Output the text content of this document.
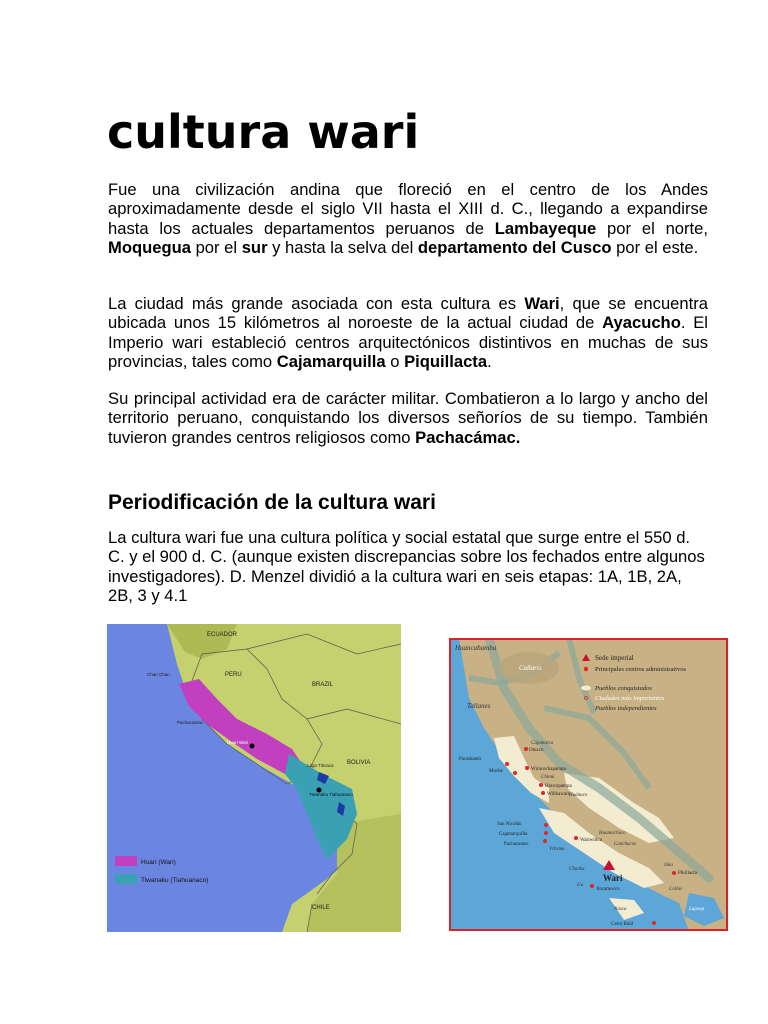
cultura wari

Fue una civilización andina que floreció en el centro de los Andes aproximadamente desde el siglo VII hasta el XIII d. C., llegando a expandirse hasta los actuales departamentos peruanos de Lambayeque por el norte, Moquegua por el sur y hasta la selva del departamento del Cusco por el este.

La ciudad más grande asociada con esta cultura es Wari, que se encuentra ubicada unos 15 kilómetros al noroeste de la actual ciudad de Ayacucho. El Imperio wari estableció centros arquitectónicos distintivos en muchas de sus provincias, tales como Cajamarquilla o Piquillacta.

Su principal actividad era de carácter militar. Combatieron a lo largo y ancho del territorio peruano, conquistando los diversos señoríos de su tiempo. También tuvieron grandes centros religiosos como Pachacámac.

Periodificación de la cultura wari

La cultura wari fue una cultura política y social estatal que surge entre el 550 d. C. y el 900 d. C. (aunque existen discrepancias sobre los fechados entre algunos investigadores). D. Menzel dividió a la cultura wari en seis etapas: 1A, 1B, 2A, 2B, 3 y 4.1

ECUADOR
PERU
BRAZIL
BOLIVIA
CHILE
Chan Chan
Pachacamac
Huari Wari
Lago Titicaca
Tiwanaku Tiahuanaco
Huari (Wari)
Tiwanaku (Tiahuanaco)
Huancabamba
Cañaris
Tallanes
Cajamarca
Chimú
Huamachuco
Conchucos
Huánuco
Ychsma
Chanka
Inka
Lupaqa
Collas
Nasca
Ica
Otuzco
Pacatnamú
Moche	Wiracochapampa
Honcopampa
Willkawain
San Nicolás
Cajamarquilla
Pachacamac
Wariwillca
Jincamocco
Pikillacta
Wari
Cerro Baúl
Sede imperial
Principales centros administrativos
Pueblos conquistados
Ciudades más importantes
Pueblos independientes
